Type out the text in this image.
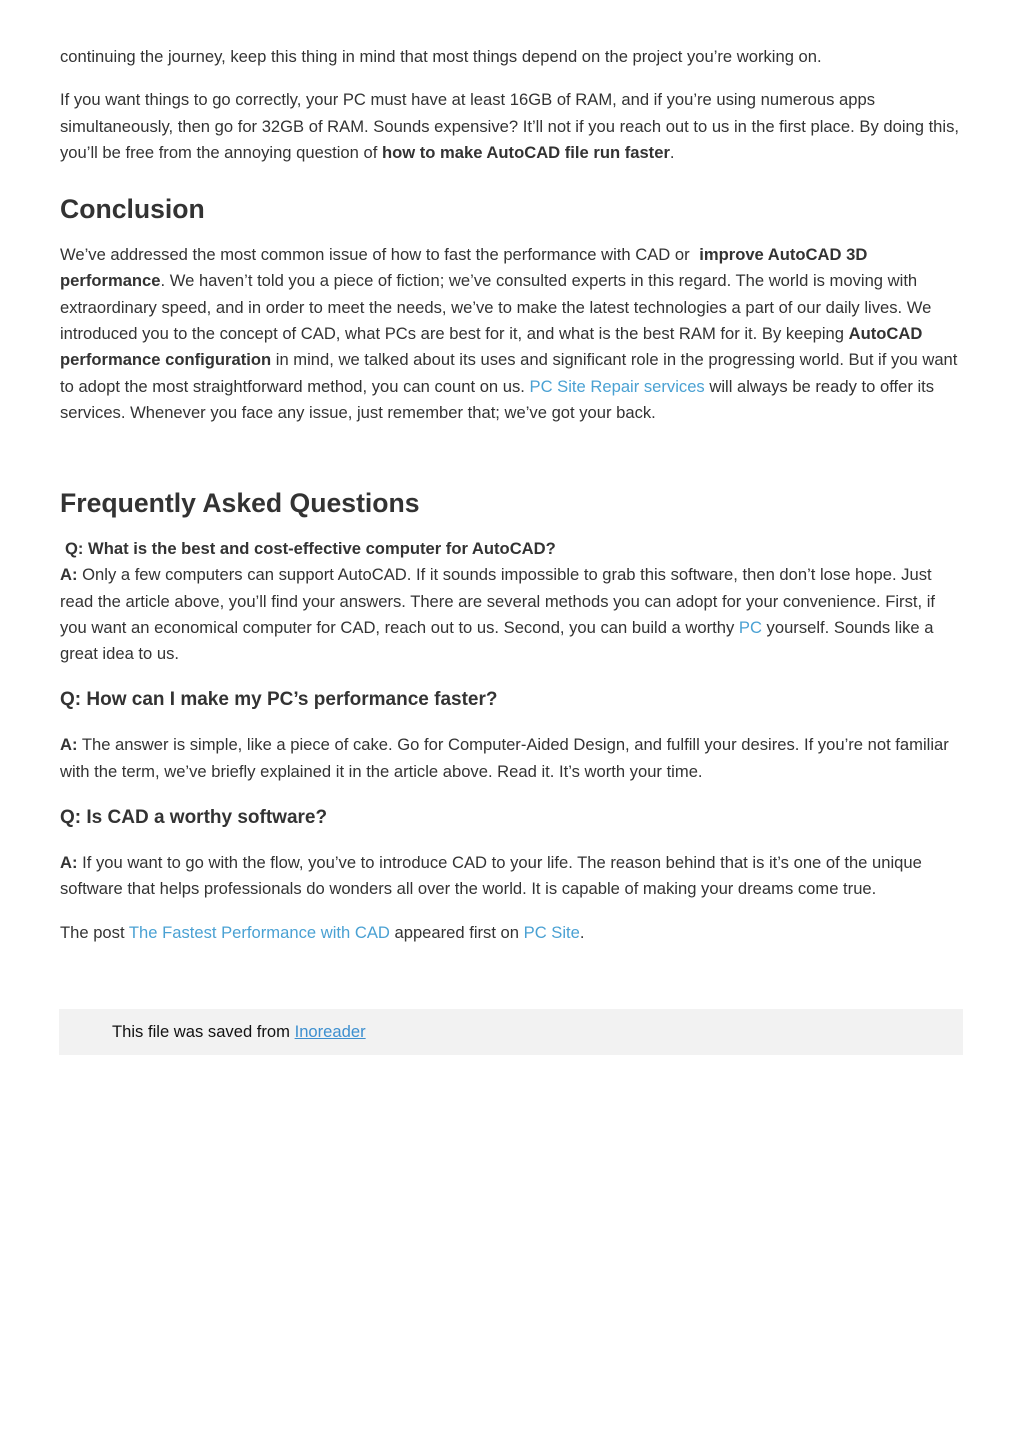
continuing the journey, keep this thing in mind that most things depend on the project you’re working on.

If you want things to go correctly, your PC must have at least 16GB of RAM, and if you’re using numerous apps simultaneously, then go for 32GB of RAM. Sounds expensive? It’ll not if you reach out to us in the first place. By doing this, you’ll be free from the annoying question of how to make AutoCAD file run faster.

Conclusion

We’ve addressed the most common issue of how to fast the performance with CAD or improve AutoCAD 3D performance. We haven’t told you a piece of fiction; we’ve consulted experts in this regard. The world is moving with extraordinary speed, and in order to meet the needs, we’ve to make the latest technologies a part of our daily lives. We introduced you to the concept of CAD, what PCs are best for it, and what is the best RAM for it. By keeping AutoCAD performance configuration in mind, we talked about its uses and significant role in the progressing world. But if you want to adopt the most straightforward method, you can count on us. PC Site Repair services will always be ready to offer its services. Whenever you face any issue, just remember that; we’ve got your back.

Frequently Asked Questions
Q: What is the best and cost-effective computer for AutoCAD?

A: Only a few computers can support AutoCAD. If it sounds impossible to grab this software, then don’t lose hope. Just read the article above, you’ll find your answers. There are several methods you can adopt for your convenience. First, if you want an economical computer for CAD, reach out to us. Second, you can build a worthy PC yourself. Sounds like a great idea to us.

Q: How can I make my PC’s performance faster?

A: The answer is simple, like a piece of cake. Go for Computer-Aided Design, and fulfill your desires. If you’re not familiar with the term, we’ve briefly explained it in the article above. Read it. It’s worth your time.

Q: Is CAD a worthy software?

A: If you want to go with the flow, you’ve to introduce CAD to your life. The reason behind that is it’s one of the unique software that helps professionals do wonders all over the world. It is capable of making your dreams come true.

The post The Fastest Performance with CAD appeared first on PC Site.

This file was saved from Inoreader
